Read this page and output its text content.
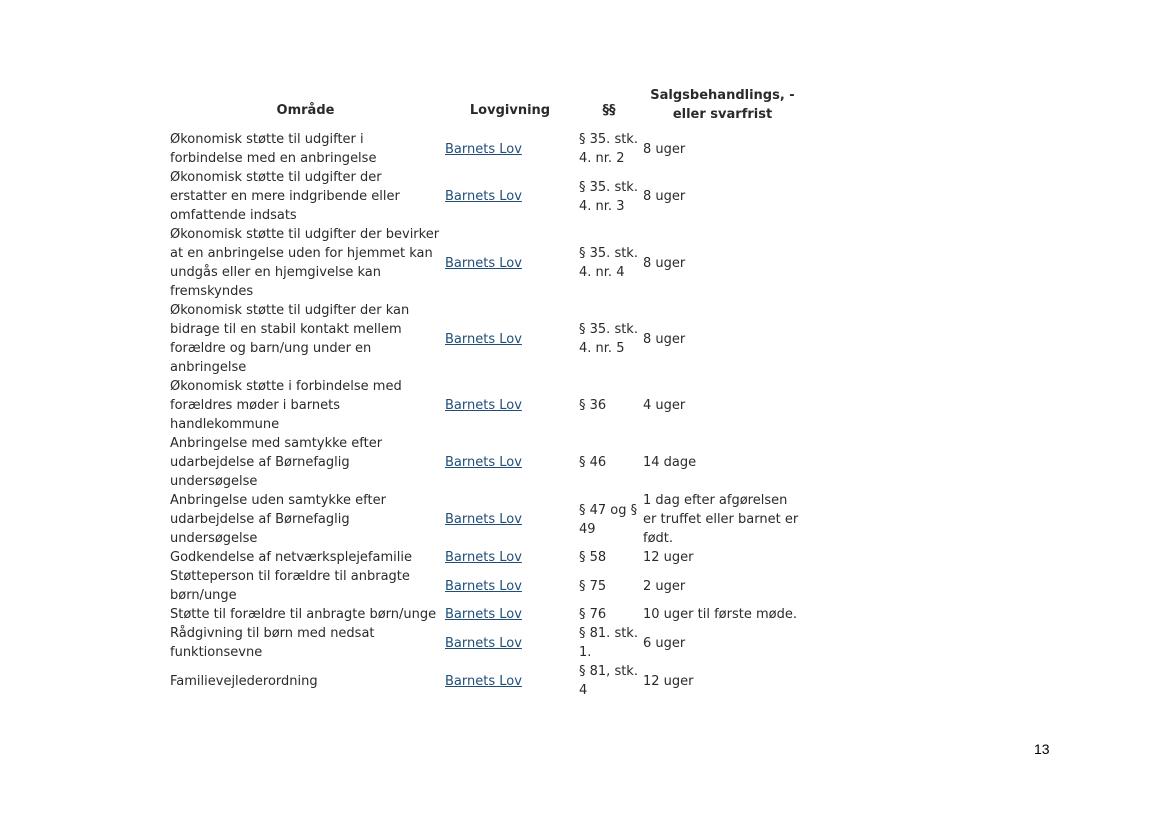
Område	Lovgivning	§§	Salgsbehandlings, -eller svarfrist
Økonomisk støtte til udgifter i forbindelse med en anbringelse	Barnets Lov	§ 35. stk. 4. nr. 2	8 uger
Økonomisk støtte til udgifter der erstatter en mere indgribende eller omfattende indsats	Barnets Lov	§ 35. stk. 4. nr. 3	8 uger
Økonomisk støtte til udgifter der bevirker at en anbringelse uden for hjemmet kan undgås eller en hjemgivelse kan fremskyndes	Barnets Lov	§ 35. stk. 4. nr. 4	8 uger
Økonomisk støtte til udgifter der kan bidrage til en stabil kontakt mellem forældre og barn/ung under en anbringelse	Barnets Lov	§ 35. stk. 4. nr. 5	8 uger
Økonomisk støtte i forbindelse med forældres møder i barnets handlekommune	Barnets Lov	§ 36	4 uger
Anbringelse med samtykke efter udarbejdelse af Børnefaglig undersøgelse	Barnets Lov	§ 46	14 dage
Anbringelse uden samtykke efter udarbejdelse af Børnefaglig undersøgelse	Barnets Lov	§ 47 og § 49	1 dag efter afgørelsen er truffet eller barnet er født.
Godkendelse af netværksplejefamilie	Barnets Lov	§ 58	12 uger
Støtteperson til forældre til anbragte børn/unge	Barnets Lov	§ 75	2 uger
Støtte til forældre til anbragte børn/unge	Barnets Lov	§ 76	10 uger til første møde.
Rådgivning til børn med nedsat funktionsevne	Barnets Lov	§ 81. stk. 1.	6 uger
Familievejlederordning	Barnets Lov	§ 81, stk. 4	12 uger
13
